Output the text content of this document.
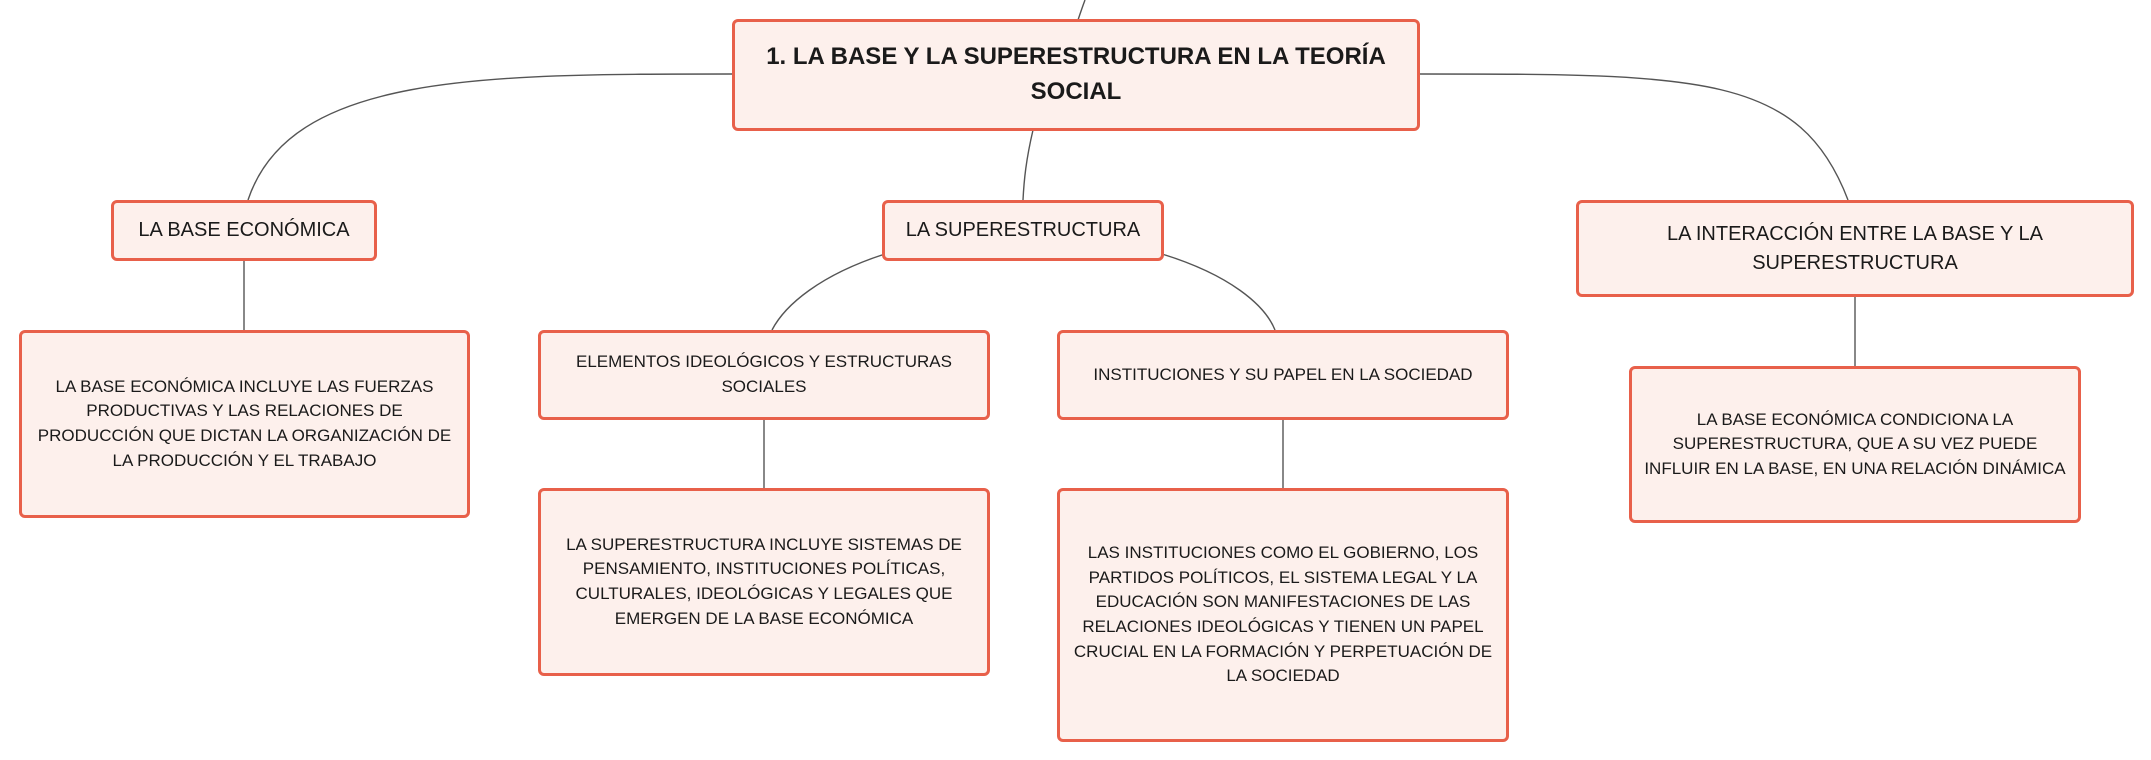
1. LA BASE Y LA SUPERESTRUCTURA EN LA TEORÍA SOCIAL
LA BASE ECONÓMICA	LA SUPERESTRUCTURA	LA INTERACCIÓN ENTRE LA BASE Y LA SUPERESTRUCTURA
LA BASE ECONÓMICA INCLUYE LAS FUERZAS PRODUCTIVAS Y LAS RELACIONES DE PRODUCCIÓN QUE DICTAN LA ORGANIZACIÓN DE LA PRODUCCIÓN Y EL TRABAJO
ELEMENTOS IDEOLÓGICOS Y ESTRUCTURAS SOCIALES
INSTITUCIONES Y SU PAPEL EN LA SOCIEDAD
LA SUPERESTRUCTURA INCLUYE SISTEMAS DE PENSAMIENTO, INSTITUCIONES POLÍTICAS, CULTURALES, IDEOLÓGICAS Y LEGALES QUE EMERGEN DE LA BASE ECONÓMICA
LAS INSTITUCIONES COMO EL GOBIERNO, LOS PARTIDOS POLÍTICOS, EL SISTEMA LEGAL Y LA EDUCACIÓN SON MANIFESTACIONES DE LAS RELACIONES IDEOLÓGICAS Y TIENEN UN PAPEL CRUCIAL EN LA FORMACIÓN Y PERPETUACIÓN DE LA SOCIEDAD
LA BASE ECONÓMICA CONDICIONA LA SUPERESTRUCTURA, QUE A SU VEZ PUEDE INFLUIR EN LA BASE, EN UNA RELACIÓN DINÁMICA
